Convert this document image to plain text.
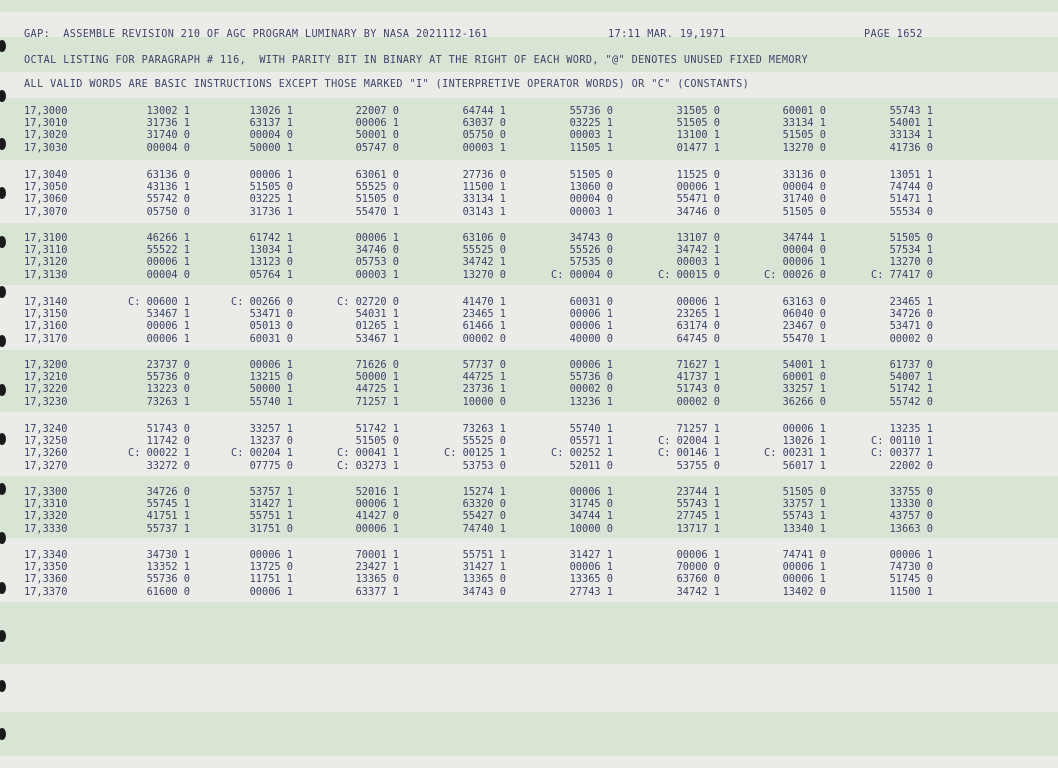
GAP:  ASSEMBLE REVISION 210 OF AGC PROGRAM LUMINARY BY NASA 2021112-161	17:11 MAR. 19,1971	PAGE 1652
OCTAL LISTING FOR PARAGRAPH # 116,  WITH PARITY BIT IN BINARY AT THE RIGHT OF EACH WORD, "@" DENOTES UNUSED FIXED MEMORY
ALL VALID WORDS ARE BASIC INSTRUCTIONS EXCEPT THOSE MARKED "I" (INTERPRETIVE OPERATOR WORDS) OR "C" (CONSTANTS)
17,3000	13002 1	13026 1	22007 0	64744 1	55736 0	31505 0	60001 0	55743 1
17,3010	31736 1	63137 1	00006 1	63037 0	03225 1	51505 0	33134 1	54001 1
17,3020	31740 0	00004 0	50001 0	05750 0	00003 1	13100 1	51505 0	33134 1
17,3030	00004 0	50000 1	05747 0	00003 1	11505 1	01477 1	13270 0	41736 0
17,3040	63136 0	00006 1	63061 0	27736 0	51505 0	11525 0	33136 0	13051 1
17,3050	43136 1	51505 0	55525 0	11500 1	13060 0	00006 1	00004 0	74744 0
17,3060	55742 0	03225 1	51505 0	33134 1	00004 0	55471 0	31740 0	51471 1
17,3070	05750 0	31736 1	55470 1	03143 1	00003 1	34746 0	51505 0	55534 0
17,3100	46266 1	61742 1	00006 1	63106 0	34743 0	13107 0	34744 1	51505 0
17,3110	55522 1	13034 1	34746 0	55525 0	55526 0	34742 1	00004 0	57534 1
17,3120	00006 1	13123 0	05753 0	34742 1	57535 0	00003 1	00006 1	13270 0
17,3130	00004 0	05764 1	00003 1	13270 0	C: 00004 0	C: 00015 0	C: 00026 0	C: 77417 0
17,3140	C: 00600 1	C: 00266 0	C: 02720 0	41470 1	60031 0	00006 1	63163 0	23465 1
17,3150	53467 1	53471 0	54031 1	23465 1	00006 1	23265 1	06040 0	34726 0
17,3160	00006 1	05013 0	01265 1	61466 1	00006 1	63174 0	23467 0	53471 0
17,3170	00006 1	60031 0	53467 1	00002 0	40000 0	64745 0	55470 1	00002 0
17,3200	23737 0	00006 1	71626 0	57737 0	00006 1	71627 1	54001 1	61737 0
17,3210	55736 0	13215 0	50000 1	44725 1	55736 0	41737 1	60001 0	54007 1
17,3220	13223 0	50000 1	44725 1	23736 1	00002 0	51743 0	33257 1	51742 1
17,3230	73263 1	55740 1	71257 1	10000 0	13236 1	00002 0	36266 0	55742 0
17,3240	51743 0	33257 1	51742 1	73263 1	55740 1	71257 1	00006 1	13235 1
17,3250	11742 0	13237 0	51505 0	55525 0	05571 1	C: 02004 1	13026 1	C: 00110 1
17,3260	C: 00022 1	C: 00204 1	C: 00041 1	C: 00125 1	C: 00252 1	C: 00146 1	C: 00231 1	C: 00377 1
17,3270	33272 0	07775 0	C: 03273 1	53753 0	52011 0	53755 0	56017 1	22002 0
17,3300	34726 0	53757 1	52016 1	15274 1	00006 1	23744 1	51505 0	33755 0
17,3310	55745 1	31427 1	00006 1	63320 0	31745 0	55743 1	33757 1	13330 0
17,3320	41751 1	55751 1	41427 0	55427 0	34744 1	27745 1	55743 1	43757 0
17,3330	55737 1	31751 0	00006 1	74740 1	10000 0	13717 1	13340 1	13663 0
17,3340	34730 1	00006 1	70001 1	55751 1	31427 1	00006 1	74741 0	00006 1
17,3350	13352 1	13725 0	23427 1	31427 1	00006 1	70000 0	00006 1	74730 0
17,3360	55736 0	11751 1	13365 0	13365 0	13365 0	63760 0	00006 1	51745 0
17,3370	61600 0	00006 1	63377 1	34743 0	27743 1	34742 1	13402 0	11500 1
